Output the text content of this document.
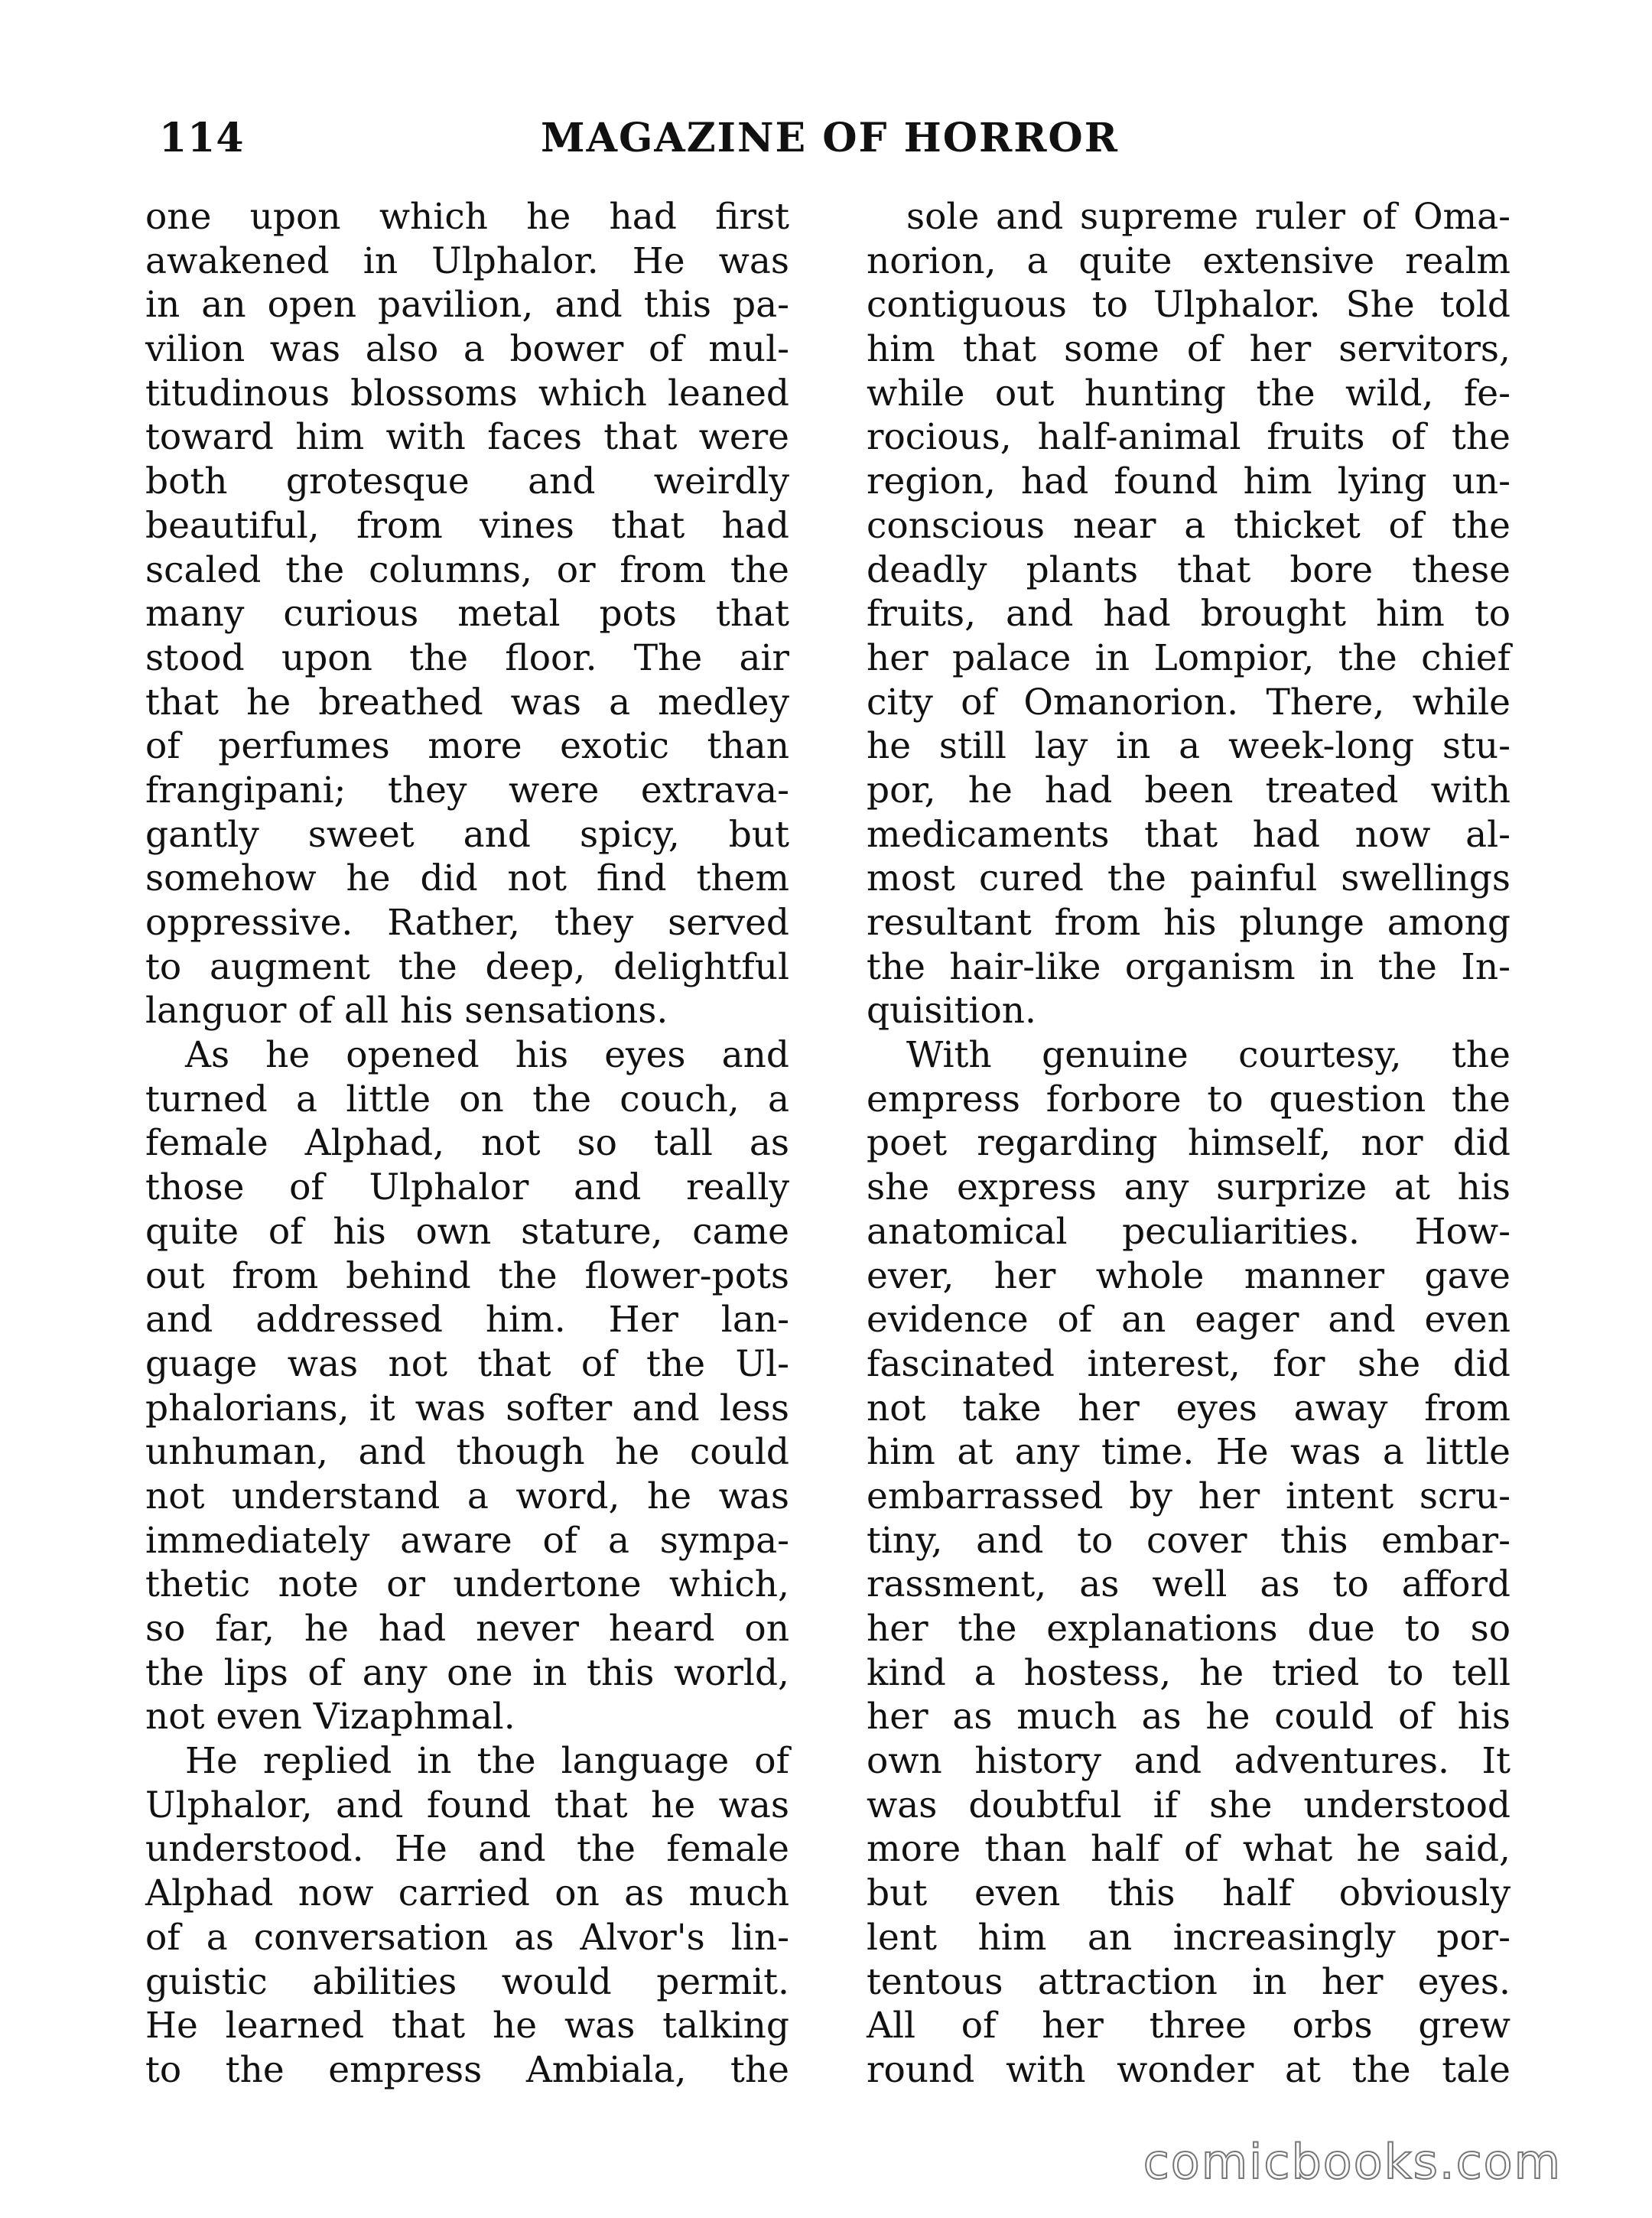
114	MAGAZINE OF HORROR
one upon which he had first
awakened in Ulphalor. He was
in an open pavilion, and this pa-
vilion was also a bower of mul-
titudinous blossoms which leaned
toward him with faces that were
both grotesque and weirdly
beautiful, from vines that had
scaled the columns, or from the
many curious metal pots that
stood upon the floor. The air
that he breathed was a medley
of perfumes more exotic than
frangipani; they were extrava-
gantly sweet and spicy, but
somehow he did not find them
oppressive. Rather, they served
to augment the deep, delightful
languor of all his sensations.
As he opened his eyes and
turned a little on the couch, a
female Alphad, not so tall as
those of Ulphalor and really
quite of his own stature, came
out from behind the flower-pots
and addressed him. Her lan-
guage was not that of the Ul-
phalorians, it was softer and less
unhuman, and though he could
not understand a word, he was
immediately aware of a sympa-
thetic note or undertone which,
so far, he had never heard on
the lips of any one in this world,
not even Vizaphmal.
He replied in the language of
Ulphalor, and found that he was
understood. He and the female
Alphad now carried on as much
of a conversation as Alvor's lin-
guistic abilities would permit.
He learned that he was talking
to the empress Ambiala, the
sole and supreme ruler of Oma-
norion, a quite extensive realm
contiguous to Ulphalor. She told
him that some of her servitors,
while out hunting the wild, fe-
rocious, half-animal fruits of the
region, had found him lying un-
conscious near a thicket of the
deadly plants that bore these
fruits, and had brought him to
her palace in Lompior, the chief
city of Omanorion. There, while
he still lay in a week-long stu-
por, he had been treated with
medicaments that had now al-
most cured the painful swellings
resultant from his plunge among
the hair-like organism in the In-
quisition.
With genuine courtesy, the
empress forbore to question the
poet regarding himself, nor did
she express any surprize at his
anatomical peculiarities. How-
ever, her whole manner gave
evidence of an eager and even
fascinated interest, for she did
not take her eyes away from
him at any time. He was a little
embarrassed by her intent scru-
tiny, and to cover this embar-
rassment, as well as to afford
her the explanations due to so
kind a hostess, he tried to tell
her as much as he could of his
own history and adventures. It
was doubtful if she understood
more than half of what he said,
but even this half obviously
lent him an increasingly por-
tentous attraction in her eyes.
All of her three orbs grew
round with wonder at the tale
comicbooks.com
